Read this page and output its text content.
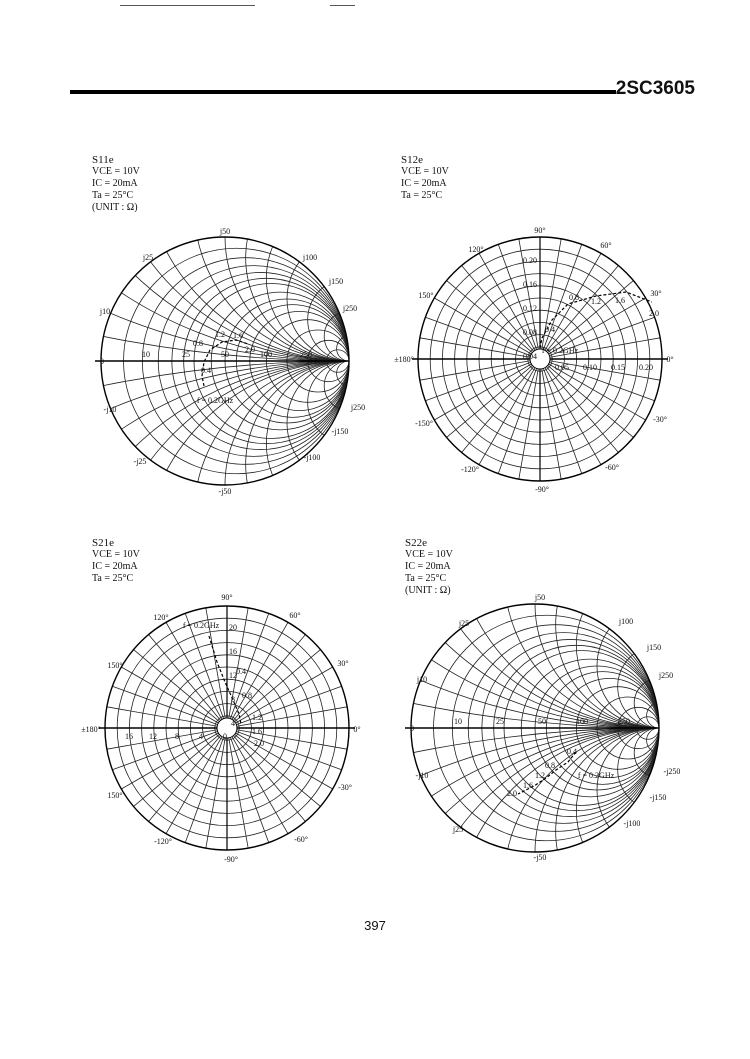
2SC3605
S11e
VCE = 10V
IC = 20mA
Ta = 25°C
(UNIT : Ω)
j50
j25	j100
j10
j150
j250
-j50
-j25	-j100
-j10
-j150
j250
0
10	25	50	100	250
f = 0.2GHz
0.4
0.8
1.2 1.6
2.0
S12e
VCE = 10V
IC = 20mA
Ta = 25°C
90°
120°	60°
150°	30°
±180°	0°
-150°	-30°
-120°	-60°
-90°
0.20
0.16
0.12
0.08
0.04
0.05 0.10 0.15 0.20
f = 0.2GHz
0.4
0.8 1.2 1.6
2.0
S21e
VCE = 10V
IC = 20mA
Ta = 25°C
90°
120°	60°
150°	30°
±180°	0°
150°
-30°
-120°	-60°
-90°
20
16
12
8
4
16 12 8	4	0
f = 0.2GHz
0.4
0.8
1.2
1.6
2.0
S22e
VCE = 10V
IC = 20mA
Ta = 25°C
(UNIT : Ω)
j50
j25	j100
j10
j150
j250
-j50
j25
-j100
-j10
-j150
-j250
0
10	25	50	100	250
f = 0.2GHz
0.4
0.8
1.2
1.6
2.0
397
